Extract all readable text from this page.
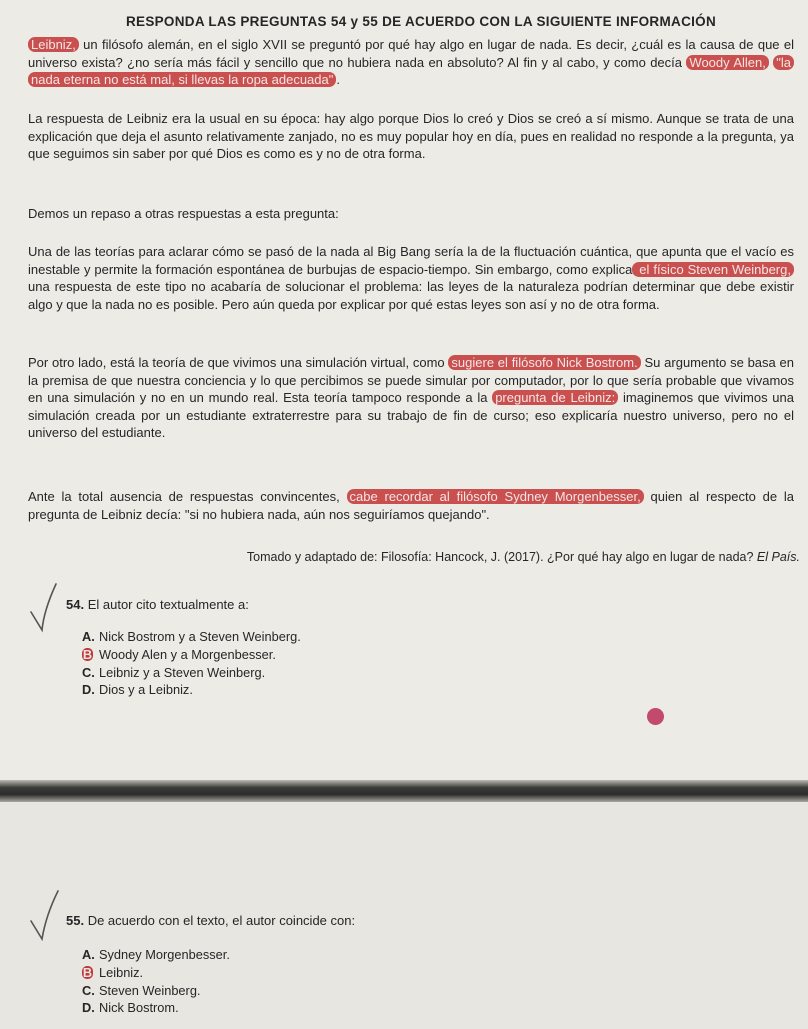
RESPONDA LAS PREGUNTAS 54 y 55 DE ACUERDO CON LA SIGUIENTE INFORMACIÓN
Leibniz, un filósofo alemán, en el siglo XVII se preguntó por qué hay algo en lugar de nada. Es decir, ¿cuál es la causa de que el universo exista? ¿no sería más fácil y sencillo que no hubiera nada en absoluto? Al fin y al cabo, y como decía Woody Allen, "la nada eterna no está mal, si llevas la ropa adecuada" .
La respuesta de Leibniz era la usual en su época: hay algo porque Dios lo creó y Dios se creó a sí mismo. Aunque se trata de una explicación que deja el asunto relativamente zanjado, no es muy popular hoy en día, pues en realidad no responde a la pregunta, ya que seguimos sin saber por qué Dios es como es y no de otra forma.
Demos un repaso a otras respuestas a esta pregunta:
Una de las teorías para aclarar cómo se pasó de la nada al Big Bang sería la de la fluctuación cuántica, que apunta que el vacío es inestable y permite la formación espontánea de burbujas de espacio-tiempo. Sin embargo, como explica el físico Steven Weinberg, una respuesta de este tipo no acabaría de solucionar el problema: las leyes de la naturaleza podrían determinar que debe existir algo y que la nada no es posible. Pero aún queda por explicar por qué estas leyes son así y no de otra forma.
Por otro lado, está la teoría de que vivimos una simulación virtual, como sugiere el filósofo Nick Bostrom. Su argumento se basa en la premisa de que nuestra conciencia y lo que percibimos se puede simular por computador, por lo que sería probable que vivamos en una simulación y no en un mundo real. Esta teoría tampoco responde a la pregunta de Leibniz: imaginemos que vivimos una simulación creada por un estudiante extraterrestre para su trabajo de fin de curso; eso explicaría nuestro universo, pero no el universo del estudiante.
Ante la total ausencia de respuestas convincentes, cabe recordar al filósofo Sydney Morgenbesser, quien al respecto de la pregunta de Leibniz decía: "si no hubiera nada, aún nos seguiríamos quejando".
Tomado y adaptado de: Filosofía: Hancock, J. (2017). ¿Por qué hay algo en lugar de nada? El País.
54. El autor cito textualmente a:
A. Nick Bostrom y a Steven Weinberg.
B Woody Alen y a Morgenbesser.
C. Leibniz y a Steven Weinberg.
D. Dios y a Leibniz.
55. De acuerdo con el texto, el autor coincide con:
A. Sydney Morgenbesser.
B Leibniz.
C. Steven Weinberg.
D. Nick Bostrom.
